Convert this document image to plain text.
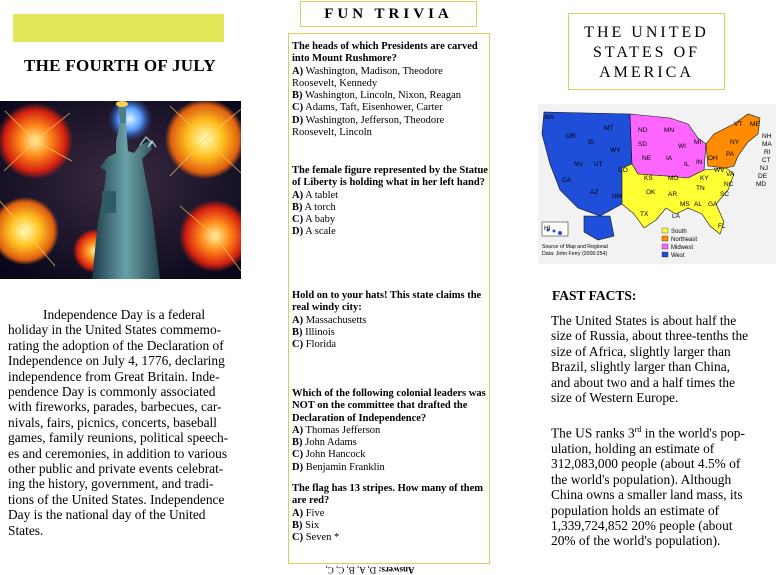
THE FOURTH OF JULY
Independence Day is a federal
holiday in the United States commemo-
rating the adoption of the Declaration of
Independence on July 4, 1776, declaring
independence from Great Britain. Inde-
pendence Day is commonly associated
with fireworks, parades, barbecues, car-
nivals, fairs, picnics, concerts, baseball
games, family reunions, political speech-
es and ceremonies, in addition to various
other public and private events celebrat-
ing the history, government, and tradi-
tions of the United States. Independence
Day is the national day of the United
States.
FUN TRIVIA
The heads of which Presidents are carved into Mount Rushmore?
A) Washington, Madison, Theodore Roosevelt, Kennedy
B) Washington, Lincoln, Nixon, Reagan
C) Adams, Taft, Eisenhower, Carter
D) Washington, Jefferson, Theodore Roosevelt, Lincoln
The female figure represented by the Statue of Liberty is holding what in her left hand?
A) A tablet
B) A torch
C) A baby
D) A scale
Hold on to your hats! This state claims the real windy city:
A) Massachusetts
B) Illinois
C) Florida
Which of the following colonial leaders was NOT on the committee that drafted the Declaration of Independence?
A) Thomas Jefferson
B) John Adams
C) John Hancock
D) Benjamin Franklin
The flag has 13 stripes. How many of them are red?
A) Five
B) Six
C) Seven *
Answers: D, A, B, C, C,
THE UNITED
STATES OF
AMERICA
WA
MT	ND	MN
OR
ID	SD	WI
MI
WY
NE IA
NV UT
CO
IL IN
OH
PA
NY
VT ME
NH
MA
RI
CT
NJ
DE
MD
CA
AZ
NM
KS MO	KY
WV
VA
TN
NC
SC
OK AR
MS AL GA
TX	LA
FL
HI	South
Northeast
Midwest
West
Source of Map and Regional
Data: John Ferry (2000:254)
FAST FACTS:
The United States is about half the
size of Russia, about three-tenths the
size of Africa, slightly larger than
Brazil, slightly larger than China,
and about two and a half times the
size of Western Europe.
The US ranks 3rd in the world's pop-
ulation, holding an estimate of
312,083,000 people (about 4.5% of
the world's population). Although
China owns a smaller land mass, its
population holds an estimate of
1,339,724,852 20% people (about
20% of the world's population).
